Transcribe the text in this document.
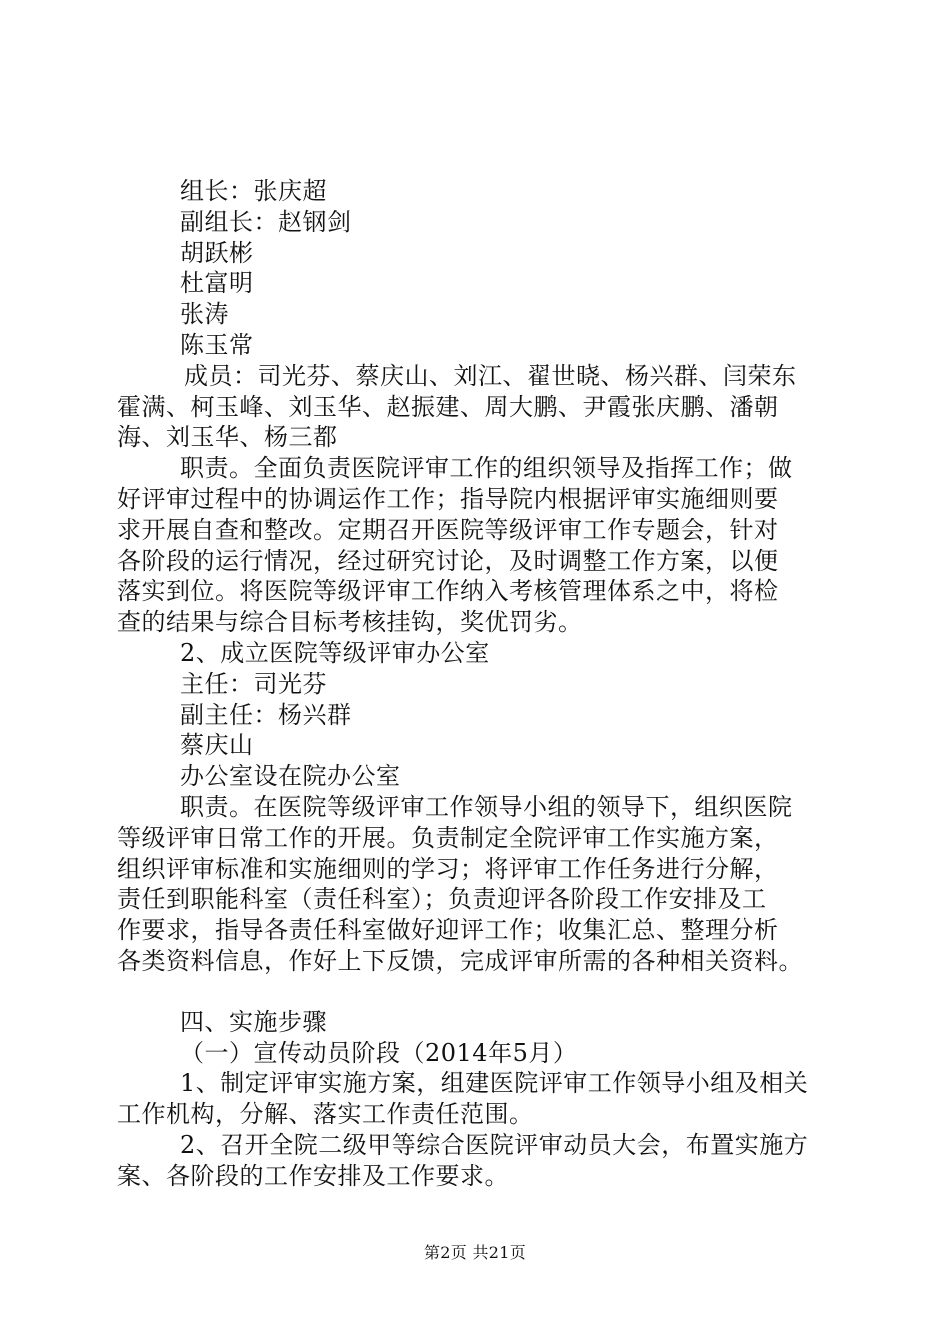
组长：张庆超
副组长：赵钢剑
胡跃彬
杜富明
张涛
陈玉常
成员：司光芬、蔡庆山、刘江、翟世晓、杨兴群、闫荣东
霍满、柯玉峰、刘玉华、赵振建、周大鹏、尹霞张庆鹏、潘朝
海、刘玉华、杨三都
职责。全面负责医院评审工作的组织领导及指挥工作；做
好评审过程中的协调运作工作；指导院内根据评审实施细则要
求开展自查和整改。定期召开医院等级评审工作专题会，针对
各阶段的运行情况，经过研究讨论，及时调整工作方案，以便
落实到位。将医院等级评审工作纳入考核管理体系之中，将检
查的结果与综合目标考核挂钩，奖优罚劣。
2、成立医院等级评审办公室
主任：司光芬
副主任：杨兴群
蔡庆山
办公室设在院办公室
职责。在医院等级评审工作领导小组的领导下，组织医院
等级评审日常工作的开展。负责制定全院评审工作实施方案，
组织评审标准和实施细则的学习；将评审工作任务进行分解，
责任到职能科室（责任科室）；负责迎评各阶段工作安排及工
作要求，指导各责任科室做好迎评工作；收集汇总、整理分析
各类资料信息，作好上下反馈，完成评审所需的各种相关资料。
四、实施步骤
（一）宣传动员阶段（2014年5月）
1、制定评审实施方案，组建医院评审工作领导小组及相关
工作机构，分解、落实工作责任范围。
2、召开全院二级甲等综合医院评审动员大会，布置实施方
案、各阶段的工作安排及工作要求。
第2页 共21页
